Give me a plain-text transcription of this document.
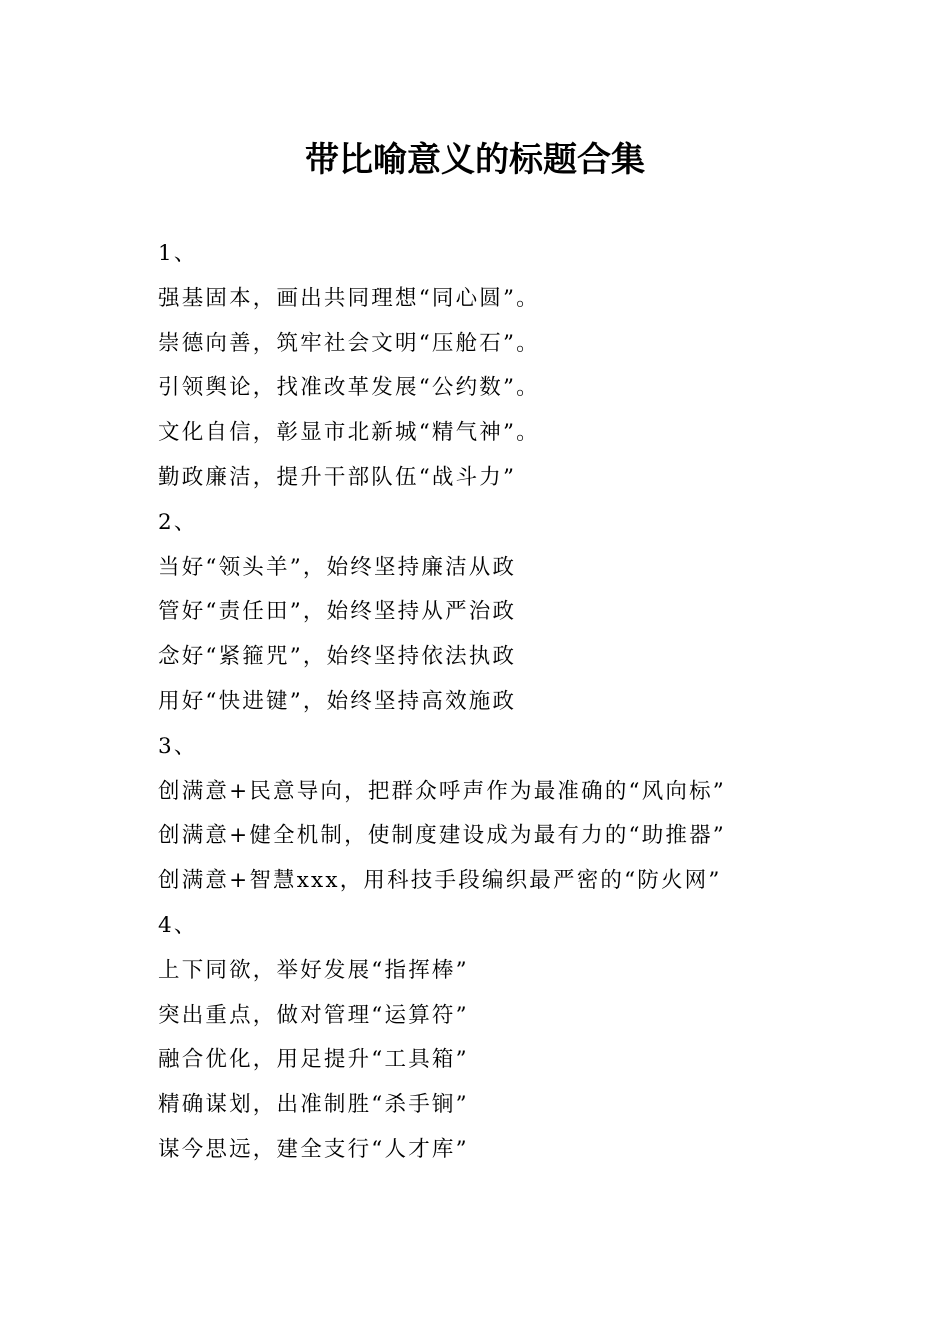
带比喻意义的标题合集
1、
强基固本，画出共同理想“同心圆”。
崇德向善，筑牢社会文明“压舱石”。
引领舆论，找准改革发展“公约数”。
文化自信，彰显市北新城“精气神”。
勤政廉洁，提升干部队伍“战斗力”
2、
当好“领头羊”，始终坚持廉洁从政
管好“责任田”，始终坚持从严治政
念好“紧箍咒”，始终坚持依法执政
用好“快进键”，始终坚持高效施政
3、
创满意+民意导向，把群众呼声作为最准确的“风向标”
创满意+健全机制，使制度建设成为最有力的“助推器”
创满意+智慧xxx，用科技手段编织最严密的“防火网”
4、
上下同欲，举好发展“指挥棒”
突出重点，做对管理“运算符”
融合优化，用足提升“工具箱”
精确谋划，出准制胜“杀手锏”
谋今思远，建全支行“人才库”
